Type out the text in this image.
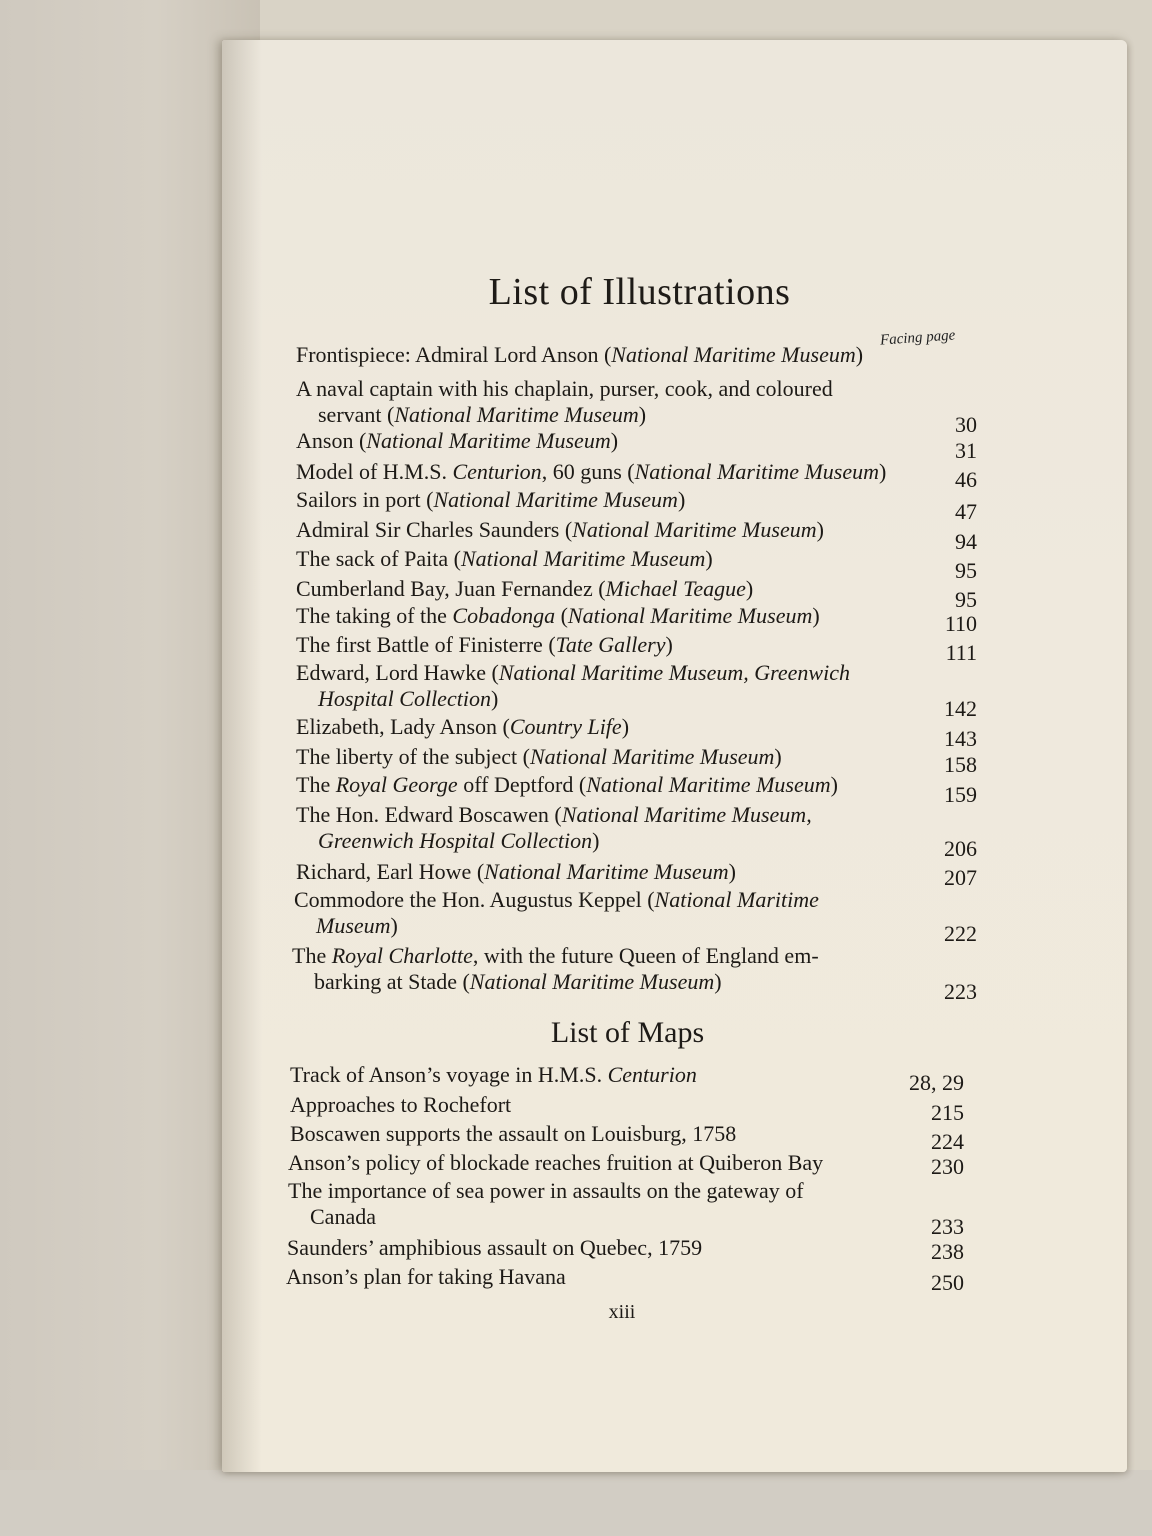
List of Illustrations
Facing page
Frontispiece: Admiral Lord Anson (National Maritime Museum)
A naval captain with his chaplain, purser, cook, and coloured
servant (National Maritime Museum)	30
Anson (National Maritime Museum)	31
Model of H.M.S. Centurion, 60 guns (National Maritime Museum)	46
Sailors in port (National Maritime Museum)	47
Admiral Sir Charles Saunders (National Maritime Museum)	94
The sack of Paita (National Maritime Museum)	95
Cumberland Bay, Juan Fernandez (Michael Teague)	95
The taking of the Cobadonga (National Maritime Museum)	110
The first Battle of Finisterre (Tate Gallery)	111
Edward, Lord Hawke (National Maritime Museum, Greenwich
Hospital Collection)	142
Elizabeth, Lady Anson (Country Life)	143
The liberty of the subject (National Maritime Museum)	158
The Royal George off Deptford (National Maritime Museum)	159
The Hon. Edward Boscawen (National Maritime Museum,
Greenwich Hospital Collection)	206
Richard, Earl Howe (National Maritime Museum)	207
Commodore the Hon. Augustus Keppel (National Maritime
Museum)	222
The Royal Charlotte, with the future Queen of England em-
barking at Stade (National Maritime Museum)	223
List of Maps
Track of Anson’s voyage in H.M.S. Centurion	28, 29
Approaches to Rochefort	215
Boscawen supports the assault on Louisburg, 1758	224
Anson’s policy of blockade reaches fruition at Quiberon Bay	230
The importance of sea power in assaults on the gateway of
Canada	233
Saunders’ amphibious assault on Quebec, 1759	238
Anson’s plan for taking Havana	250
xiii
